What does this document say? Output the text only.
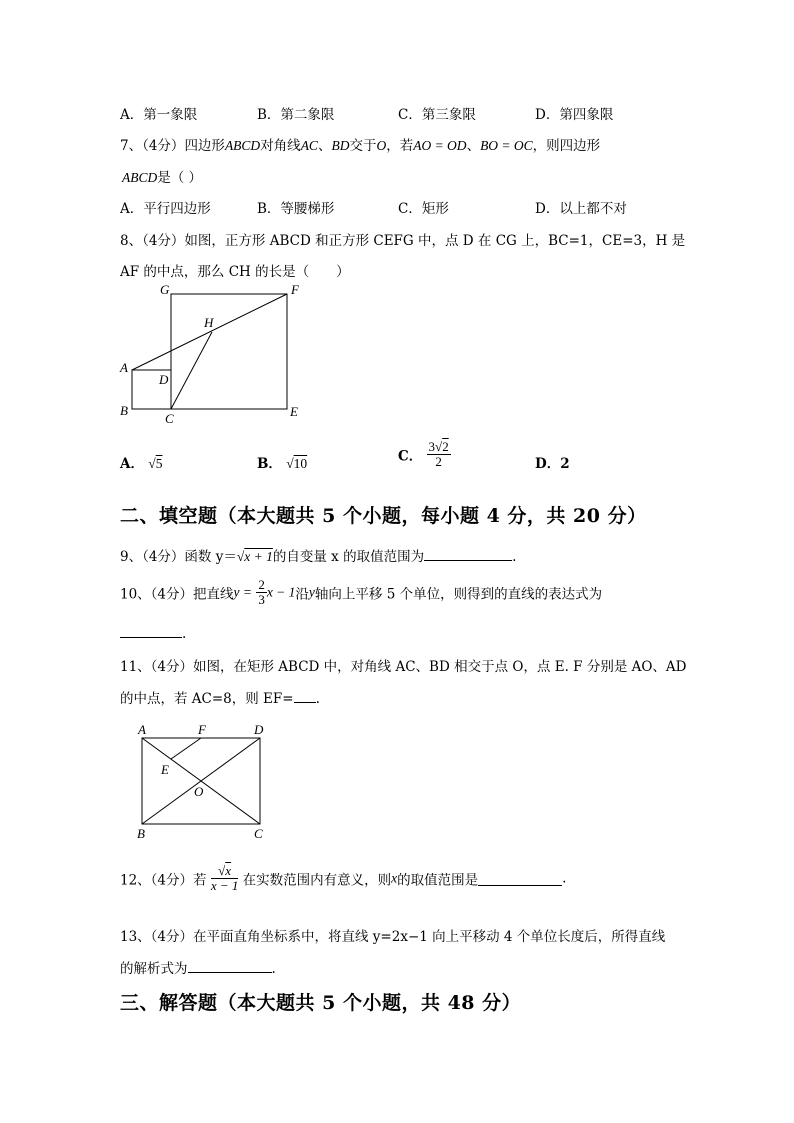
A．第一象限	B．第二象限	C．第三象限	D．第四象限
7、（4分）四边形ABCD对角线AC、BD交于O，若AO = OD、BO = OC，则四边形
ABCD是（ ）
A．平行四边形	B．等腰梯形	C．矩形	D．以上都不对
8、（4分）如图，正方形 ABCD 和正方形 CEFG 中，点 D 在 CG 上，BC=1，CE=3，H 是
AF 的中点，那么 CH 的长是（　　）
G	F
H
A
D
B
C	E
A． √5	B． √10	C． $\frac{3√2}{2}$	D．2
二、填空题（本大题共 5 个小题，每小题 4 分，共 20 分）
9、（4分）函数 y＝√x + 1的自变量 x 的取值范围为	.
10、（4分）把直线$y = \frac{2}{3}$ x − 1沿y轴向上平移 5 个单位，则得到的直线的表达式为
.
11、（4分）如图，在矩形 ABCD 中，对角线 AC、BD 相交于点 O，点 E. F 分别是 AO、AD
的中点，若 AC=8，则 EF= .
A	F	D
E
O
B	C
12、（4分）若 $\frac{√x}{x - 1}$ 在实数范围内有意义，则x的取值范围是	.
13、（4分）在平面直角坐标系中，将直线 y=2x−1 向上平移动 4 个单位长度后，所得直线
的解析式为	.
三、解答题（本大题共 5 个小题，共 48 分）
